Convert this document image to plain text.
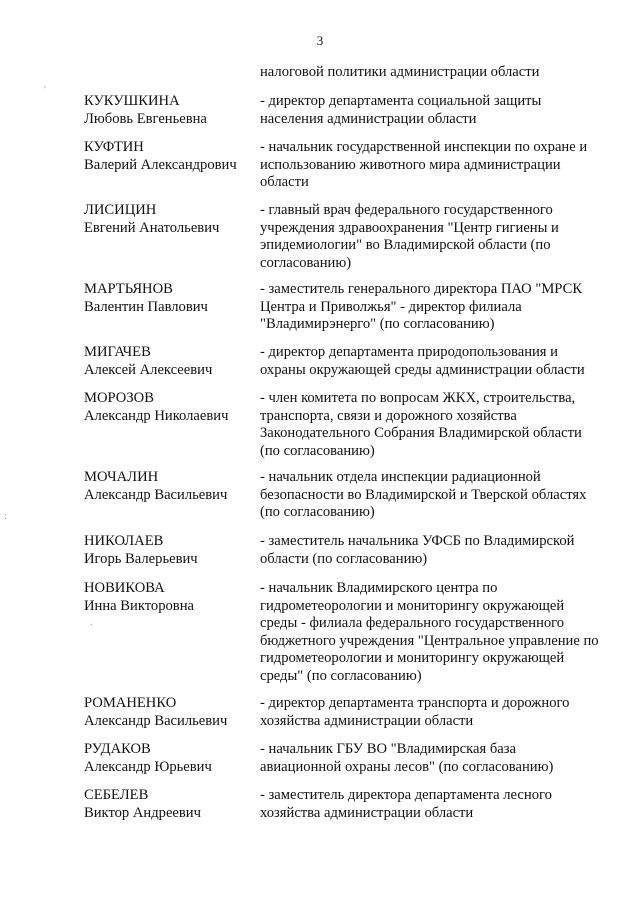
3
налоговой политики администрации области
′
:
.
КУКУШКИНА
Любовь Евгеньевна
- директор департамента социальной защиты населения администрации области
КУФТИН
Валерий Александрович
- начальник государственной инспекции по охране и использованию животного мира администрации области
ЛИСИЦИН
Евгений Анатольевич
- главный врач федерального государственного учреждения здравоохранения "Центр гигиены и эпидемиологии" во Владимирской области (по согласованию)
МАРТЬЯНОВ
Валентин Павлович
- заместитель генерального директора ПАО "МРСК Центра и Приволжья" - директор филиала "Владимирэнерго" (по согласованию)
МИГАЧЕВ
Алексей Алексеевич
- директор департамента природопользования и охраны окружающей среды администрации области
МОРОЗОВ
Александр Николаевич
- член комитета по вопросам ЖКХ, строительства, транспорта, связи и дорожного хозяйства Законодательного Собрания Владимирской области (по согласованию)
МОЧАЛИН
Александр Васильевич
- начальник отдела инспекции радиационной безопасности во Владимирской и Тверской областях (по согласованию)
НИКОЛАЕВ
Игорь Валерьевич
- заместитель начальника УФСБ по Владимирской области (по согласованию)
НОВИКОВА
Инна Викторовна
- начальник Владимирского центра по гидрометеорологии и мониторингу окружающей среды - филиала федерального государственного бюджетного учреждения "Центральное управление по гидрометеорологии и мониторингу окружающей среды" (по согласованию)
РОМАНЕНКО
Александр Васильевич
- директор департамента транспорта и дорожного хозяйства администрации области
РУДАКОВ
Александр Юрьевич
- начальник ГБУ ВО "Владимирская база авиационной охраны лесов" (по согласованию)
СЕБЕЛЕВ
Виктор Андреевич
- заместитель директора департамента лесного хозяйства администрации области
